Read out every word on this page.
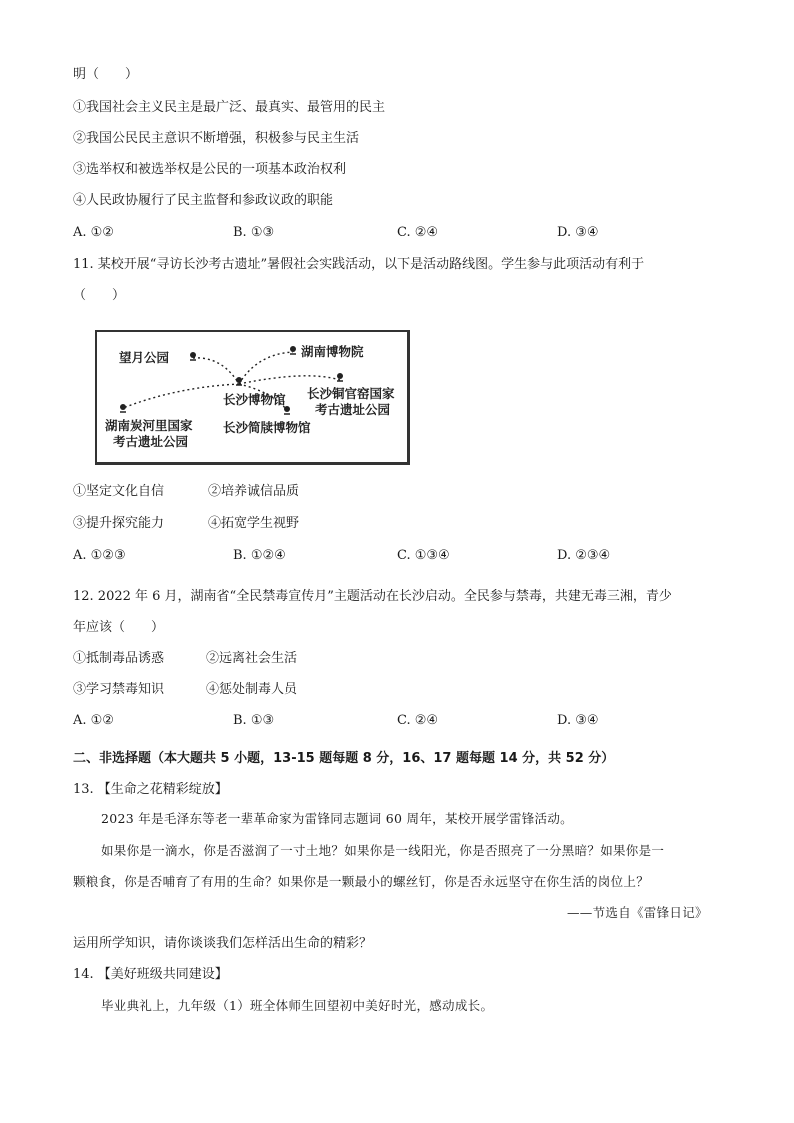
明（　　）
①我国社会主义民主是最广泛、最真实、最管用的民主
②我国公民民主意识不断增强，积极参与民主生活
③选举权和被选举权是公民的一项基本政治权利
④人民政协履行了民主监督和参政议政的职能
A. ①②	B. ①③	C. ②④	D. ③④
11. 某校开展“寻访长沙考古遗址”暑假社会实践活动，以下是活动路线图。学生参与此项活动有利于
（　　）
望月公园	湖南博物院
长沙博物馆 长沙铜官窑国家
考古遗址公园
湖南炭河里国家
考古遗址公园
长沙简牍博物馆
①坚定文化自信	②培养诚信品质
③提升探究能力	④拓宽学生视野
A. ①②③	B. ①②④	C. ①③④	D. ②③④
12. 2022 年 6 月，湖南省“全民禁毒宣传月”主题活动在长沙启动。全民参与禁毒，共建无毒三湘，青少
年应该（　　）
①抵制毒品诱惑	②远离社会生活
③学习禁毒知识	④惩处制毒人员
A. ①②	B. ①③	C. ②④	D. ③④
二、非选择题（本大题共 5 小题，13-15 题每题 8 分，16、17 题每题 14 分，共 52 分）
13. 【生命之花精彩绽放】
2023 年是毛泽东等老一辈革命家为雷锋同志题词 60 周年，某校开展学雷锋活动。
如果你是一滴水，你是否滋润了一寸土地？如果你是一线阳光，你是否照亮了一分黑暗？如果你是一
颗粮食，你是否哺育了有用的生命？如果你是一颗最小的螺丝钉，你是否永远坚守在你生活的岗位上？
——节选自《雷锋日记》
运用所学知识，请你谈谈我们怎样活出生命的精彩？
14. 【美好班级共同建设】
毕业典礼上，九年级（1）班全体师生回望初中美好时光，感动成长。
